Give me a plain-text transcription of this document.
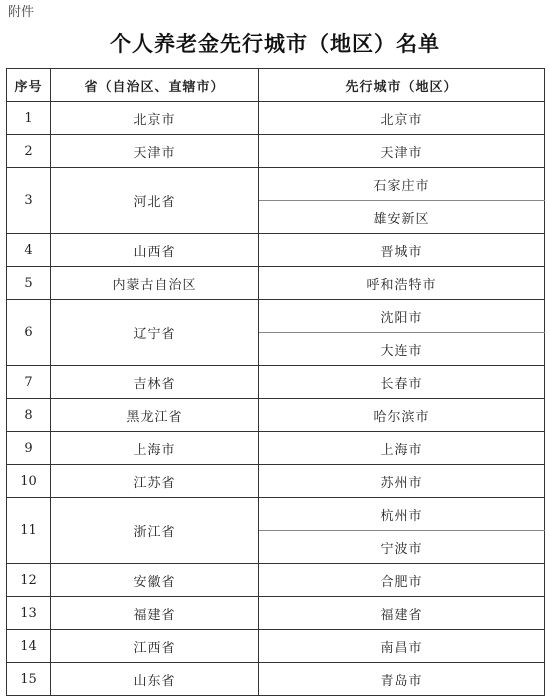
附件
个人养老金先行城市（地区）名单
序号	省（自治区、直辖市）	先行城市（地区）
1	北京市	北京市
2	天津市	天津市
3	河北省	石家庄市
		雄安新区
4	山西省	晋城市
5	内蒙古自治区	呼和浩特市
6	辽宁省	沈阳市
		大连市
7	吉林省	长春市
8	黑龙江省	哈尔滨市
9	上海市	上海市
10	江苏省	苏州市
11	浙江省	杭州市
		宁波市
12	安徽省	合肥市
13	福建省	福建省
14	江西省	南昌市
15	山东省	青岛市
